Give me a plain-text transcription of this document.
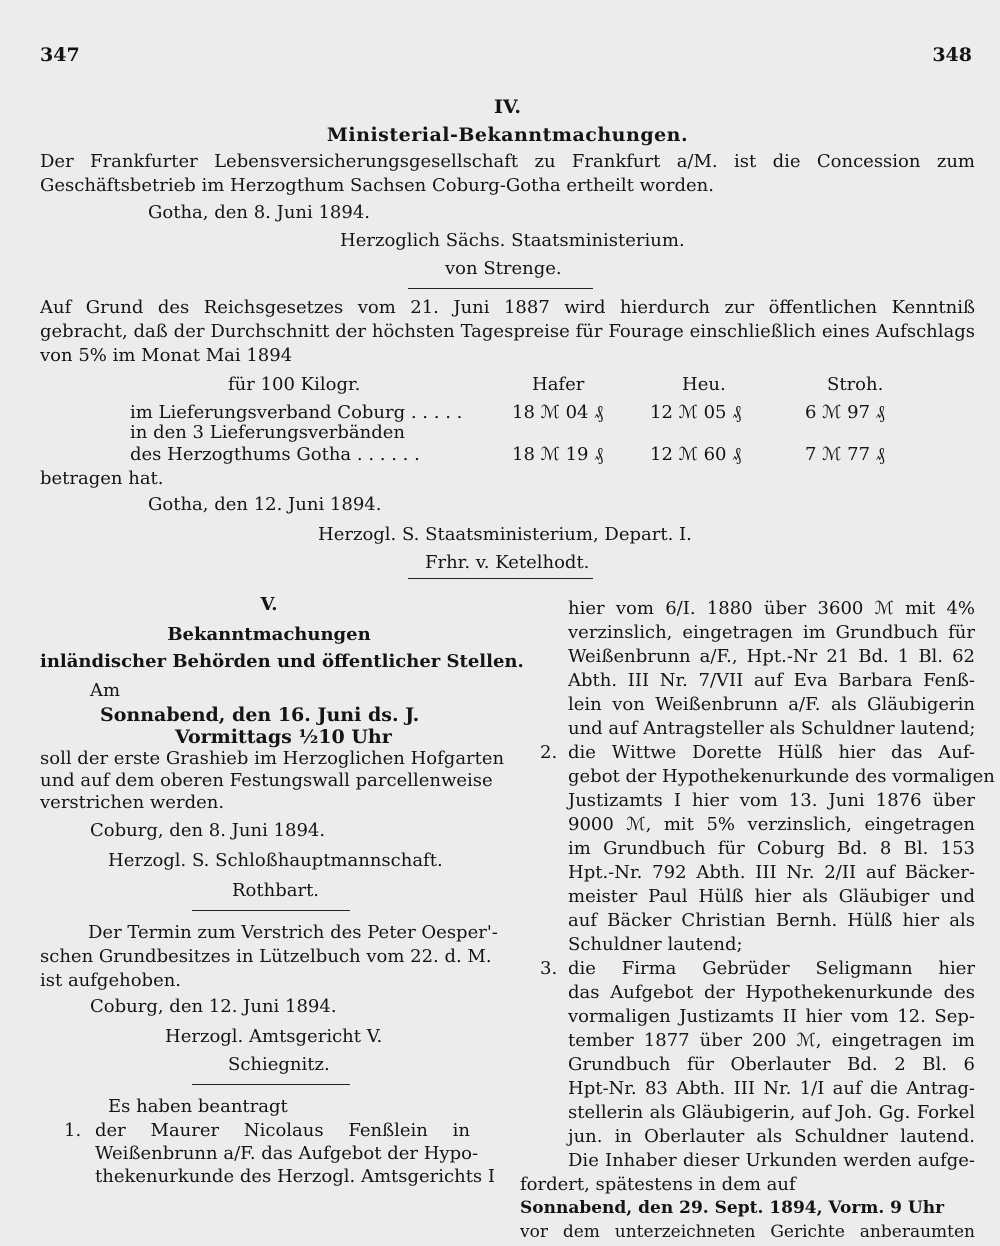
347	348
IV.
Ministerial-Bekanntmachungen.
Der Frankfurter Lebensversicherungsgesellschaft zu Frankfurt a/M. ist die Concession zum
Geschäftsbetrieb im Herzogthum Sachsen Coburg-Gotha ertheilt worden.
Gotha, den 8. Juni 1894.
Herzoglich Sächs. Staatsministerium.
von Strenge.
Auf Grund des Reichsgesetzes vom 21. Juni 1887 wird hierdurch zur öffentlichen Kenntniß
gebracht, daß der Durchschnitt der höchsten Tagespreise für Fourage einschließlich eines Aufschlags
von 5% im Monat Mai 1894
für 100 Kilogr.	Hafer	Heu.	Stroh.
im Lieferungsverband Coburg . . . . .	18 ℳ 04 ₰	12 ℳ 05 ₰	6 ℳ 97 ₰
in den 3 Lieferungsverbänden
des Herzogthums Gotha . . . . . .	18 ℳ 19 ₰	12 ℳ 60 ₰	7 ℳ 77 ₰
betragen hat.
Gotha, den 12. Juni 1894.
Herzogl. S. Staatsministerium, Depart. I.
Frhr. v. Ketelhodt.
V.
Bekanntmachungen
inländischer Behörden und öffentlicher Stellen.
Am
Sonnabend, den 16. Juni ds. J.
Vormittags ½10 Uhr
soll der erste Grashieb im Herzoglichen Hofgarten
und auf dem oberen Festungswall parcellenweise
verstrichen werden.
Coburg, den 8. Juni 1894.
Herzogl. S. Schloßhauptmannschaft.
Rothbart.
Der Termin zum Verstrich des Peter Oesper'-
schen Grundbesitzes in Lützelbuch vom 22. d. M.
ist aufgehoben.
Coburg, den 12. Juni 1894.
Herzogl. Amtsgericht V.
Schiegnitz.
Es haben beantragt
1. der Maurer Nicolaus Fenßlein in
Weißenbrunn a/F. das Aufgebot der Hypo-
thekenurkunde des Herzogl. Amtsgerichts I
hier vom 6/I. 1880 über 3600 ℳ mit 4%
verzinslich, eingetragen im Grundbuch für
Weißenbrunn a/F., Hpt.-Nr 21 Bd. 1 Bl. 62
Abth. III Nr. 7/VII auf Eva Barbara Fenß-
lein von Weißenbrunn a/F. als Gläubigerin
und auf Antragsteller als Schuldner lautend;
2. die Wittwe Dorette Hülß hier das Auf-
gebot der Hypothekenurkunde des vormaligen
Justizamts I hier vom 13. Juni 1876 über
9000 ℳ, mit 5% verzinslich, eingetragen
im Grundbuch für Coburg Bd. 8 Bl. 153
Hpt.-Nr. 792 Abth. III Nr. 2/II auf Bäcker-
meister Paul Hülß hier als Gläubiger und
auf Bäcker Christian Bernh. Hülß hier als
Schuldner lautend;
3. die Firma Gebrüder Seligmann hier
das Aufgebot der Hypothekenurkunde des
vormaligen Justizamts II hier vom 12. Sep-
tember 1877 über 200 ℳ, eingetragen im
Grundbuch für Oberlauter Bd. 2 Bl. 6
Hpt-Nr. 83 Abth. III Nr. 1/I auf die Antrag-
stellerin als Gläubigerin, auf Joh. Gg. Forkel
jun. in Oberlauter als Schuldner lautend.
Die Inhaber dieser Urkunden werden aufge-
fordert, spätestens in dem auf
Sonnabend, den 29. Sept. 1894, Vorm. 9 Uhr
vor dem unterzeichneten Gerichte anberaumten
